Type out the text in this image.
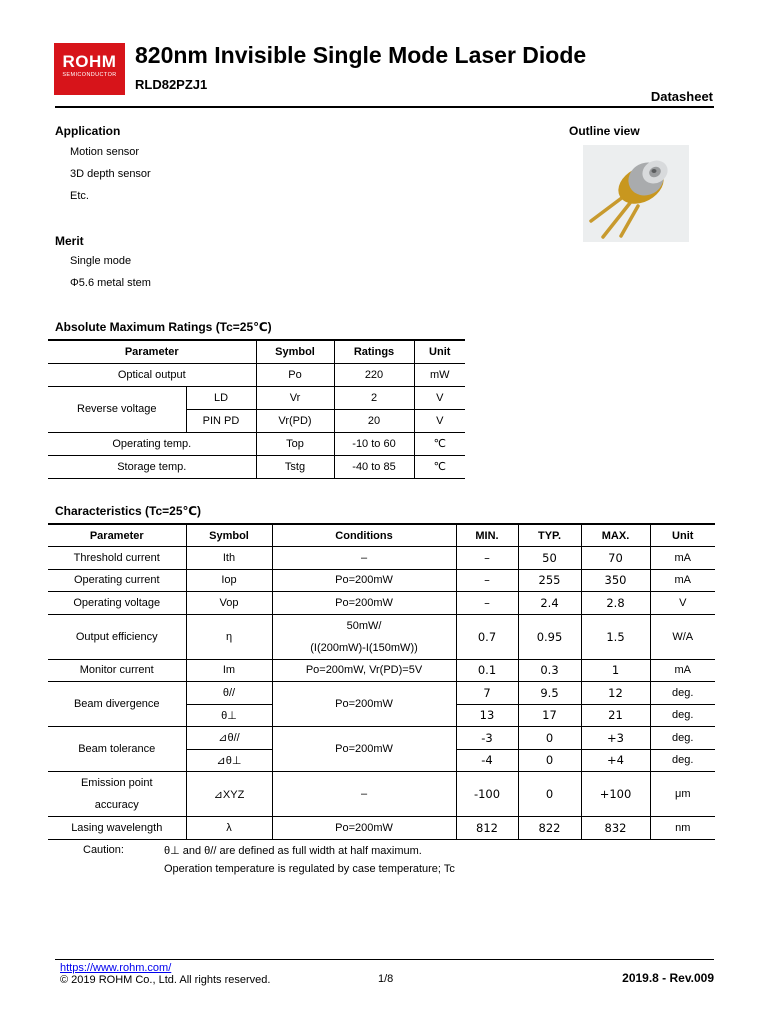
ROHM
SEMICONDUCTOR
820nm Invisible Single Mode Laser Diode
RLD82PZJ1
Datasheet
Application
Motion sensor
3D depth sensor
Etc.
Outline view
Merit
Single mode
Φ5.6 metal stem
Absolute Maximum Ratings (Tc=25℃)
Parameter		Symbol	Ratings	Unit
Optical output		Po	220	mW
Reverse voltage	LD	Vr	2	V
	PIN PD	Vr(PD)	20	V
Operating temp.		Top	-10 to 60	℃
Storage temp.		Tstg	-40 to 85	℃
Characteristics (Tc=25℃)
Parameter	Symbol	Conditions	MIN.	TYP.	MAX.	Unit
Threshold current	Ith	–	–	50	70	mA
Operating current	Iop	Po=200mW	–	255	350	mA
Operating voltage	Vop	Po=200mW	–	2.4	2.8	V
Output efficiency	η	50mW/
(I(200mW)-I(150mW))	0.7	0.95	1.5	W/A
Monitor current	Im	Po=200mW, Vr(PD)=5V	0.1	0.3	1	mA
Beam divergence	θ//	Po=200mW	7	9.5	12	deg.
	θ⊥		13	17	21	deg.
Beam tolerance	⊿θ//	Po=200mW	-3	0	+3	deg.
	⊿θ⊥		-4	0	+4	deg.

Emission point
accuracy	⊿XYZ	–	-100	0	+100	μm
Lasing wavelength	λ	Po=200mW	812	822	832	nm
Caution:	θ⊥ and θ// are defined as full width at half maximum.
Operation temperature is regulated by case temperature; Tc
https://www.rohm.com/
© 2019 ROHM Co., Ltd. All rights reserved.	1/8	2019.8 - Rev.009
